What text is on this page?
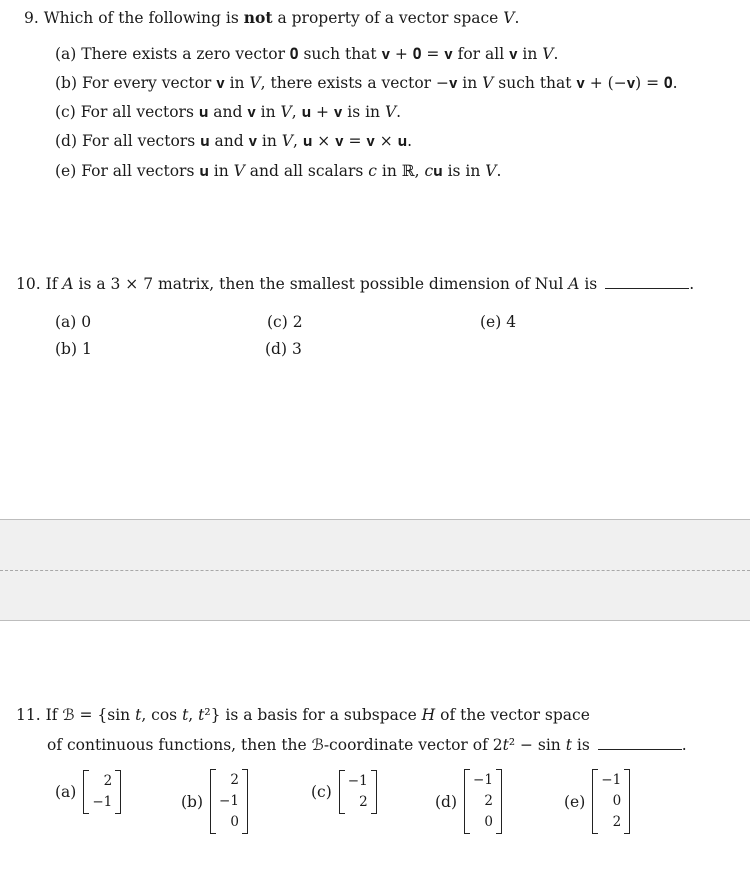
9. Which of the following is not a property of a vector space V.
(a) There exists a zero vector 𝟎 such that 𝐯 + 𝟎 = 𝐯 for all 𝐯 in 𝑉.
(b) For every vector 𝐯 in 𝑉, there exists a vector −𝐯 in 𝑉 such that 𝐯 + (−𝐯) = 𝟎.
(c) For all vectors 𝐮 and 𝐯 in 𝑉, 𝐮 + 𝐯 is in 𝑉.
(d) For all vectors 𝐮 and 𝐯 in 𝑉, 𝐮 × 𝐯 = 𝐯 × 𝐮.
(e) For all vectors 𝐮 in 𝑉 and all scalars 𝑐 in ℝ, 𝑐𝐮 is in 𝑉.
10. If 𝐴 is a 3 × 7 matrix, then the smallest possible dimension of Nul 𝐴 is	.
(a) 0
(b) 1
(c) 2
(d) 3
(e) 4
11. If ℬ = {sin 𝑡, cos 𝑡, 𝑡²} is a basis for a subspace 𝐻 of the vector space
of continuous functions, then the ℬ-coordinate vector of 2𝑡² − sin 𝑡 is	.
(a)
2
−1	(b)
2
−1
0
(c)
−1
2	(d)
−1
2
0
(e)
−1
0
2
